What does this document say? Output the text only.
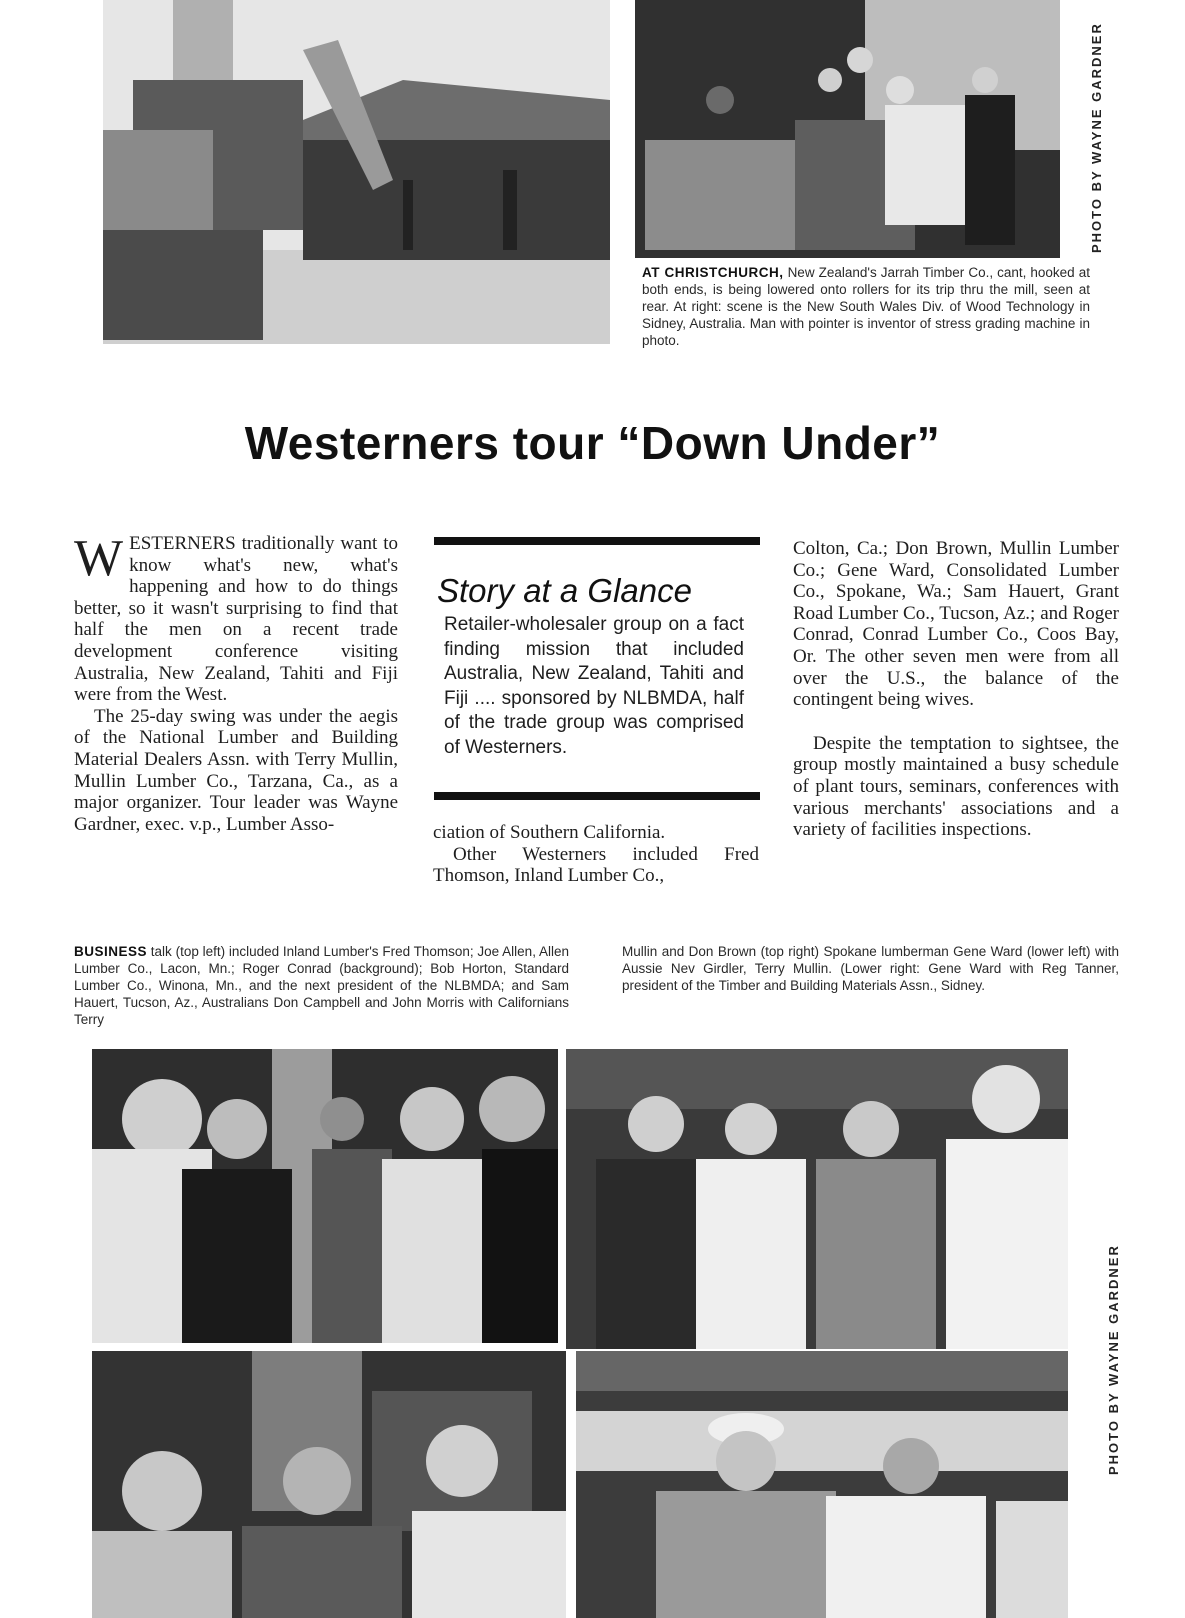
PHOTO BY WAYNE GARDNER
AT CHRISTCHURCH, New Zealand's Jarrah Timber Co., cant, hooked at both ends, is being lowered onto rollers for its trip thru the mill, seen at rear. At right: scene is the New South Wales Div. of Wood Technology in Sidney, Australia. Man with pointer is inventor of stress grading machine in photo.
Westerners tour “Down Under”

WESTERNERS traditionally want to know what's new, what's happening and how to do things better, so it wasn't surprising to find that half the men on a recent trade development conference visiting Australia, New Zealand, Tahiti and Fiji were from the West.

The 25-day swing was under the aegis of the National Lumber and Building Material Dealers Assn. with Terry Mullin, Mullin Lumber Co., Tarzana, Ca., as a major organizer. Tour leader was Wayne Gardner, exec. v.p., Lumber Asso-

Story at a Glance
Retailer-wholesaler group on a fact finding mission that included Australia, New Zealand, Tahiti and Fiji .... sponsored by NLBMDA, half of the trade group was comprised of Westerners.

ciation of Southern California.

Other Westerners included Fred Thomson, Inland Lumber Co.,

Colton, Ca.; Don Brown, Mullin Lumber Co.; Gene Ward, Consolidated Lumber Co., Spokane, Wa.; Sam Hauert, Grant Road Lumber Co., Tucson, Az.; and Roger Conrad, Conrad Lumber Co., Coos Bay, Or. The other seven men were from all over the U.S., the balance of the contingent being wives.

Despite the temptation to sightsee, the group mostly maintained a busy schedule of plant tours, seminars, conferences with various merchants' associations and a variety of facilities inspections.

BUSINESS talk (top left) included Inland Lumber's Fred Thomson; Joe Allen, Allen Lumber Co., Lacon, Mn.; Roger Conrad (background); Bob Horton, Standard Lumber Co., Winona, Mn., and the next president of the NLBMDA; and Sam Hauert, Tucson, Az., Australians Don Campbell and John Morris with Californians Terry
Mullin and Don Brown (top right) Spokane lumberman Gene Ward (lower left) with Aussie Nev Girdler, Terry Mullin. (Lower right: Gene Ward with Reg Tanner, president of the Timber and Building Materials Assn., Sidney.
PHOTO BY WAYNE GARDNER
